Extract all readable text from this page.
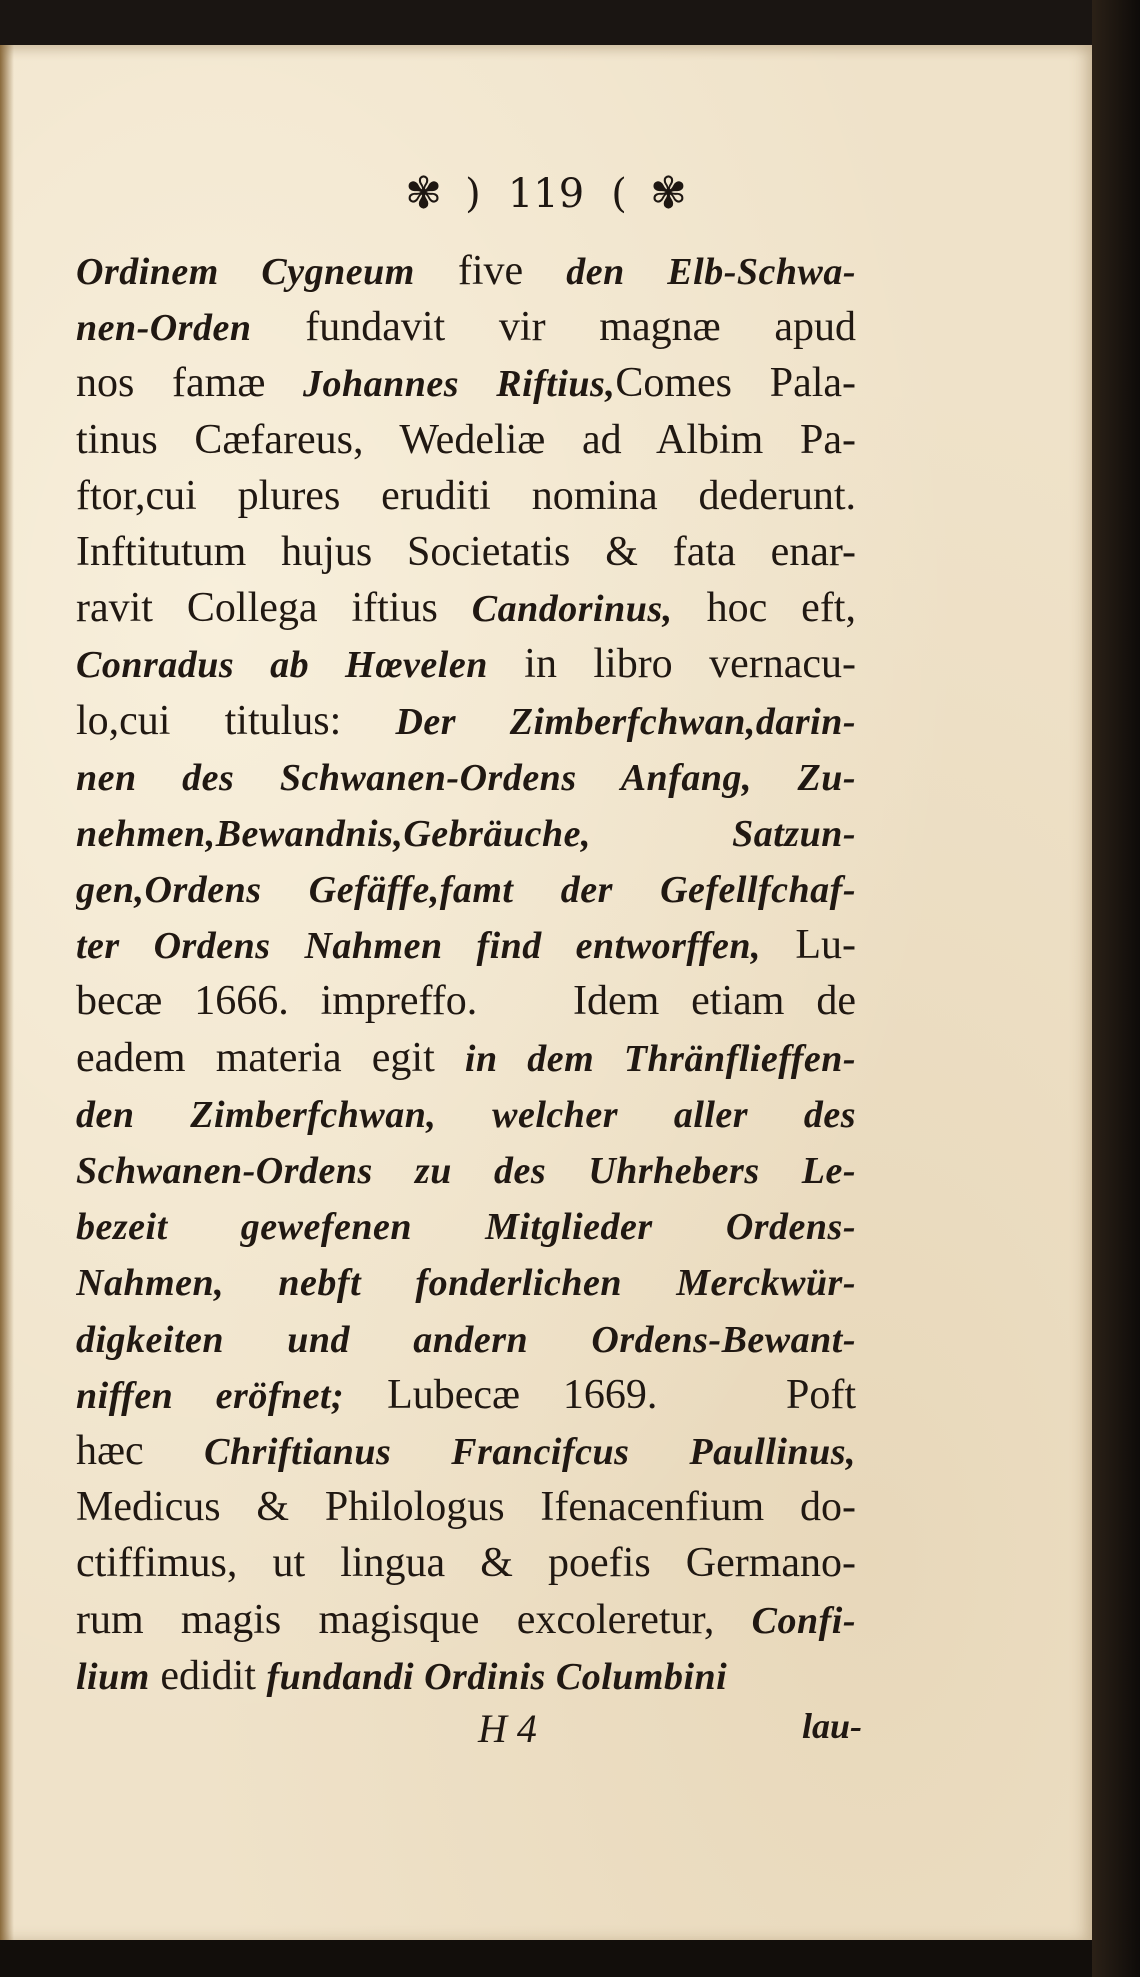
✾ ) 119 ( ✾
Ordinem Cygneum five den Elb-Schwa-
nen-Orden fundavit vir magnæ apud
nos famæ Johannes Riftius,Comes Pala-
tinus Cæfareus, Wedeliæ ad Albim Pa-
ftor,cui plures eruditi nomina dederunt.
Inftitutum hujus Societatis & fata enar-
ravit Collega iftius Candorinus, hoc eft,
Conradus ab Hœvelen in libro vernacu-
lo,cui titulus: Der Zimberfchwan,darin-
nen des Schwanen-Ordens Anfang, Zu-
nehmen,Bewandnis,Gebräuche, Satzun-
gen,Ordens Gefäffe,famt der Gefellfchaf-
ter Ordens Nahmen find entworffen, Lu-
becæ 1666. impreffo.   Idem etiam de
eadem materia egit in dem Thränflieffen-
den Zimberfchwan, welcher aller des
Schwanen-Ordens zu des Uhrhebers Le-
bezeit gewefenen Mitglieder Ordens-
Nahmen, nebft fonderlichen Merckwür-
digkeiten und andern Ordens-Bewant-
niffen eröfnet; Lubecæ 1669.   Poft
hæc Chriftianus Francifcus Paullinus,
Medicus & Philologus Ifenacenfium do-
ctiffimus, ut lingua & poefis Germano-
rum magis magisque excoleretur, Confi-
lium edidit fundandi Ordinis Columbini
H 4	lau-
